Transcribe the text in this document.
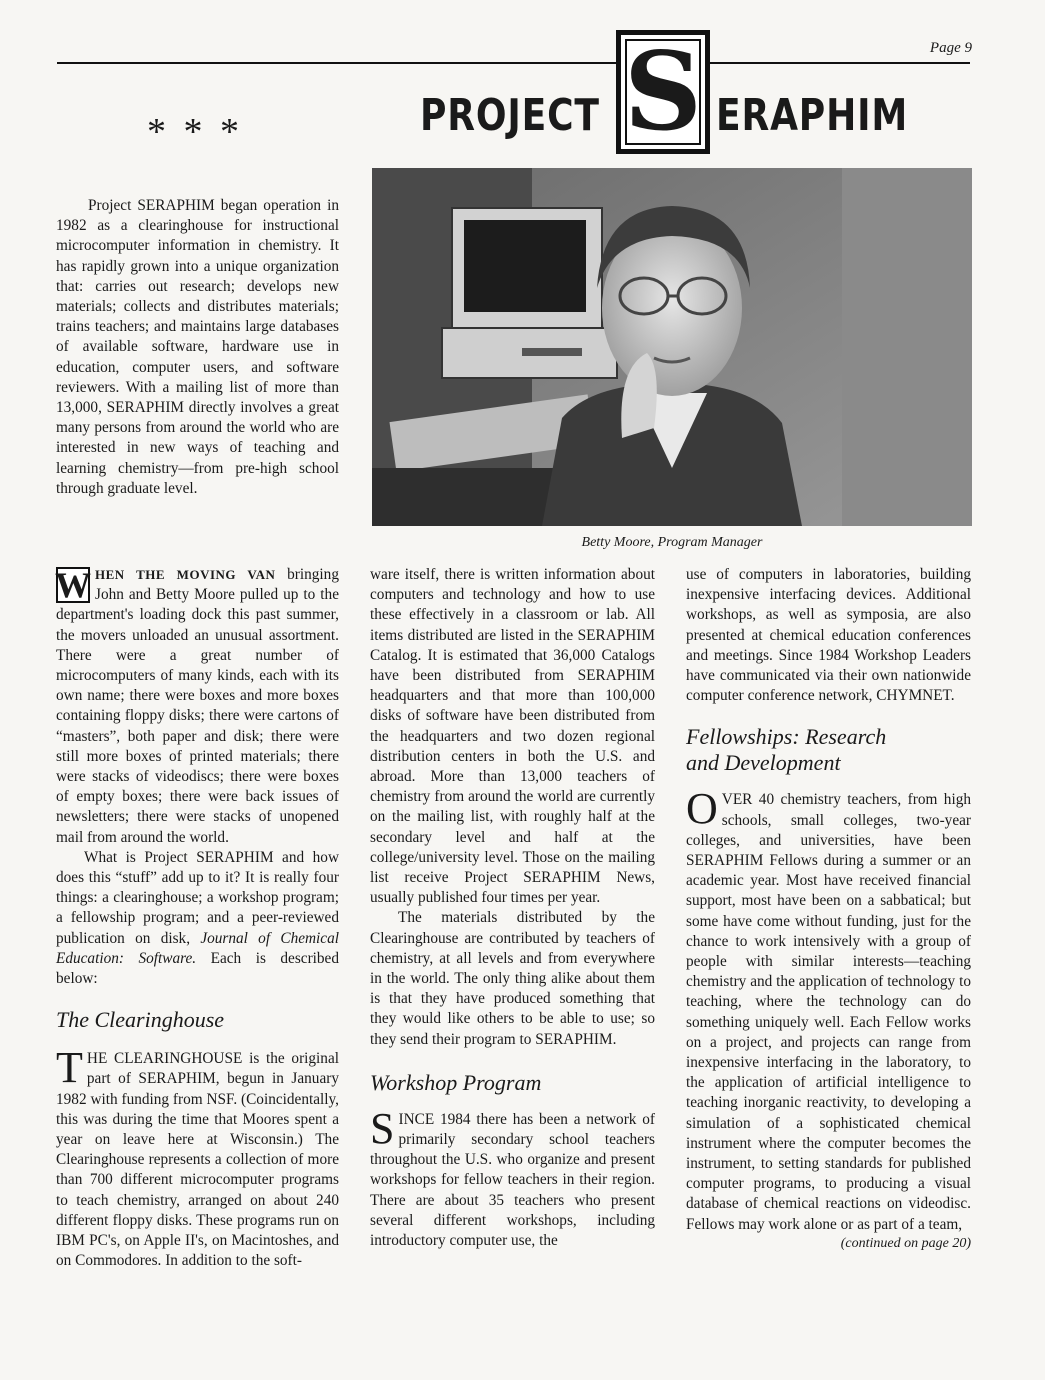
Page 9
PROJECT S ERAPHIM
* * *

Project SERAPHIM began operation in 1982 as a clearinghouse for instructional microcomputer information in chemistry. It has rapidly grown into a unique organization that: carries out research; develops new materials; collects and distributes materials; trains teachers; and maintains large databases of available software, hardware use in education, computer users, and software reviewers. With a mailing list of more than 13,000, SERAPHIM directly involves a great many persons from around the world who are interested in new ways of teaching and learning chemistry—from pre-high school through graduate level.

Betty Moore, Program Manager

W HEN THE MOVING VAN bringing John and Betty Moore pulled up to the department's loading dock this past summer, the movers unloaded an unusual assortment. There were a great number of microcomputers of many kinds, each with its own name; there were boxes and more boxes containing floppy disks; there were cartons of “masters”, both paper and disk; there were still more boxes of printed materials; there were stacks of videodiscs; there were boxes of empty boxes; there were back issues of newsletters; there were stacks of unopened mail from around the world.

What is Project SERAPHIM and how does this “stuff” add up to it? It is really four things: a clearinghouse; a workshop program; a fellowship program; and a peer-reviewed publication on disk, Journal of Chemical Education: Software. Each is described below:

The Clearinghouse

THE CLEARINGHOUSE is the original part of SERAPHIM, begun in January 1982 with funding from NSF. (Coincidentally, this was during the time that Moores spent a year on leave here at Wisconsin.) The Clearinghouse represents a collection of more than 700 different microcomputer programs to teach chemistry, arranged on about 240 different floppy disks. These programs run on IBM PC's, on Apple II's, on Macintoshes, and on Commodores. In addition to the soft-

ware itself, there is written information about computers and technology and how to use these effectively in a classroom or lab. All items distributed are listed in the SERAPHIM Catalog. It is estimated that 36,000 Catalogs have been distributed from SERAPHIM headquarters and that more than 100,000 disks of software have been distributed from the headquarters and two dozen regional distribution centers in both the U.S. and abroad. More than 13,000 teachers of chemistry from around the world are currently on the mailing list, with roughly half at the secondary level and half at the college/university level. Those on the mailing list receive Project SERAPHIM News, usually published four times per year.

The materials distributed by the Clearinghouse are contributed by teachers of chemistry, at all levels and from everywhere in the world. The only thing alike about them is that they have produced something that they would like others to be able to use; so they send their program to SERAPHIM.

Workshop Program

SINCE 1984 there has been a network of primarily secondary school teachers throughout the U.S. who organize and present workshops for fellow teachers in their region. There are about 35 teachers who present several different workshops, including introductory computer use, the

use of computers in laboratories, building inexpensive interfacing devices. Additional workshops, as well as symposia, are also presented at chemical education conferences and meetings. Since 1984 Workshop Leaders have communicated via their own nationwide computer conference network, CHYMNET.

Fellowships: Research
and Development

OVER 40 chemistry teachers, from high schools, small colleges, two-year colleges, and universities, have been SERAPHIM Fellows during a summer or an academic year. Most have received financial support, most have been on a sabbatical; but some have come without funding, just for the chance to work intensively with a group of people with similar interests—teaching chemistry and the application of technology to teaching, where the technology can do something uniquely well. Each Fellow works on a project, and projects can range from inexpensive interfacing in the laboratory, to the application of artificial intelligence to teaching inorganic reactivity, to developing a simulation of a sophisticated chemical instrument where the computer becomes the instrument, to setting standards for published computer programs, to producing a visual database of chemical reactions on videodisc. Fellows may work alone or as part of a team,

(continued on page 20)
